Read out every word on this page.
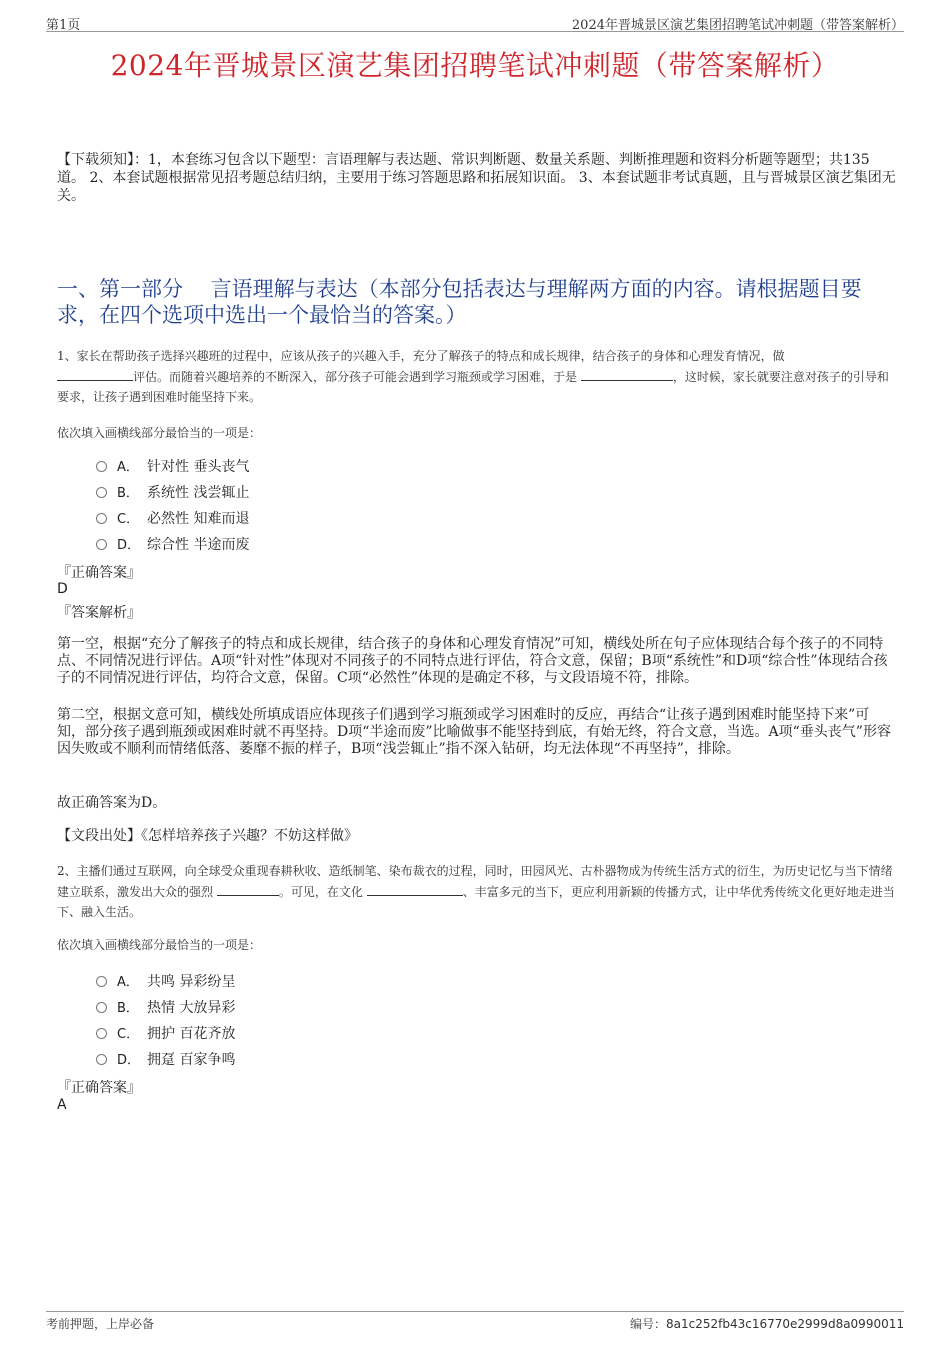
第1页	2024年晋城景区演艺集团招聘笔试冲刺题（带答案解析）
2024年晋城景区演艺集团招聘笔试冲刺题（带答案解析）
【下载须知】：1，本套练习包含以下题型：言语理解与表达题、常识判断题、数量关系题、判断推理题和资料分析题等题型；共135道。 2、本套试题根据常见招考题总结归纳，主要用于练习答题思路和拓展知识面。 3、本套试题非考试真题，且与晋城景区演艺集团无关。
一、第一部分　 言语理解与表达（本部分包括表达与理解两方面的内容。请根据题目要求，在四个选项中选出一个最恰当的答案。）
1、家长在帮助孩子选择兴趣班的过程中，应该从孩子的兴趣入手，充分了解孩子的特点和成长规律，结合孩子的身体和心理发育情况，做
评估。而随着兴趣培养的不断深入，部分孩子可能会遇到学习瓶颈或学习困难，于是	，这时候，家长就要注意对孩子的引导和要求，让孩子遇到困难时能坚持下来。
依次填入画横线部分最恰当的一项是：
A． 针对性 垂头丧气
B． 系统性 浅尝辄止
C． 必然性 知难而退
D． 综合性 半途而废
『正确答案』
D
『答案解析』
第一空，根据“充分了解孩子的特点和成长规律，结合孩子的身体和心理发育情况”可知，横线处所在句子应体现结合每个孩子的不同特点、不同情况进行评估。A项“针对性”体现对不同孩子的不同特点进行评估，符合文意，保留；B项“系统性”和D项“综合性”体现结合孩子的不同情况进行评估，均符合文意，保留。C项“必然性”体现的是确定不移，与文段语境不符，排除。
第二空，根据文意可知，横线处所填成语应体现孩子们遇到学习瓶颈或学习困难时的反应，再结合“让孩子遇到困难时能坚持下来”可知，部分孩子遇到瓶颈或困难时就不再坚持。D项“半途而废”比喻做事不能坚持到底，有始无终，符合文意，当选。A项“垂头丧气”形容因失败或不顺利而情绪低落、萎靡不振的样子，B项“浅尝辄止”指不深入钻研，均无法体现“不再坚持”，排除。
故正确答案为D。
【文段出处】《怎样培养孩子兴趣？不妨这样做》
2、主播们通过互联网，向全球受众重现春耕秋收、造纸制笔、染布裁衣的过程，同时，田园风光、古朴器物成为传统生活方式的衍生，为历史记忆与当下情绪建立联系，激发出大众的强烈	。可见，在文化	、丰富多元的当下，更应利用新颖的传播方式，让中华优秀传统文化更好地走进当下、融入生活。
依次填入画横线部分最恰当的一项是：
A． 共鸣 异彩纷呈
B． 热情 大放异彩
C． 拥护 百花齐放
D． 拥趸 百家争鸣
『正确答案』
A
考前押题，上岸必备	编号：8a1c252fb43c16770e2999d8a0990011
